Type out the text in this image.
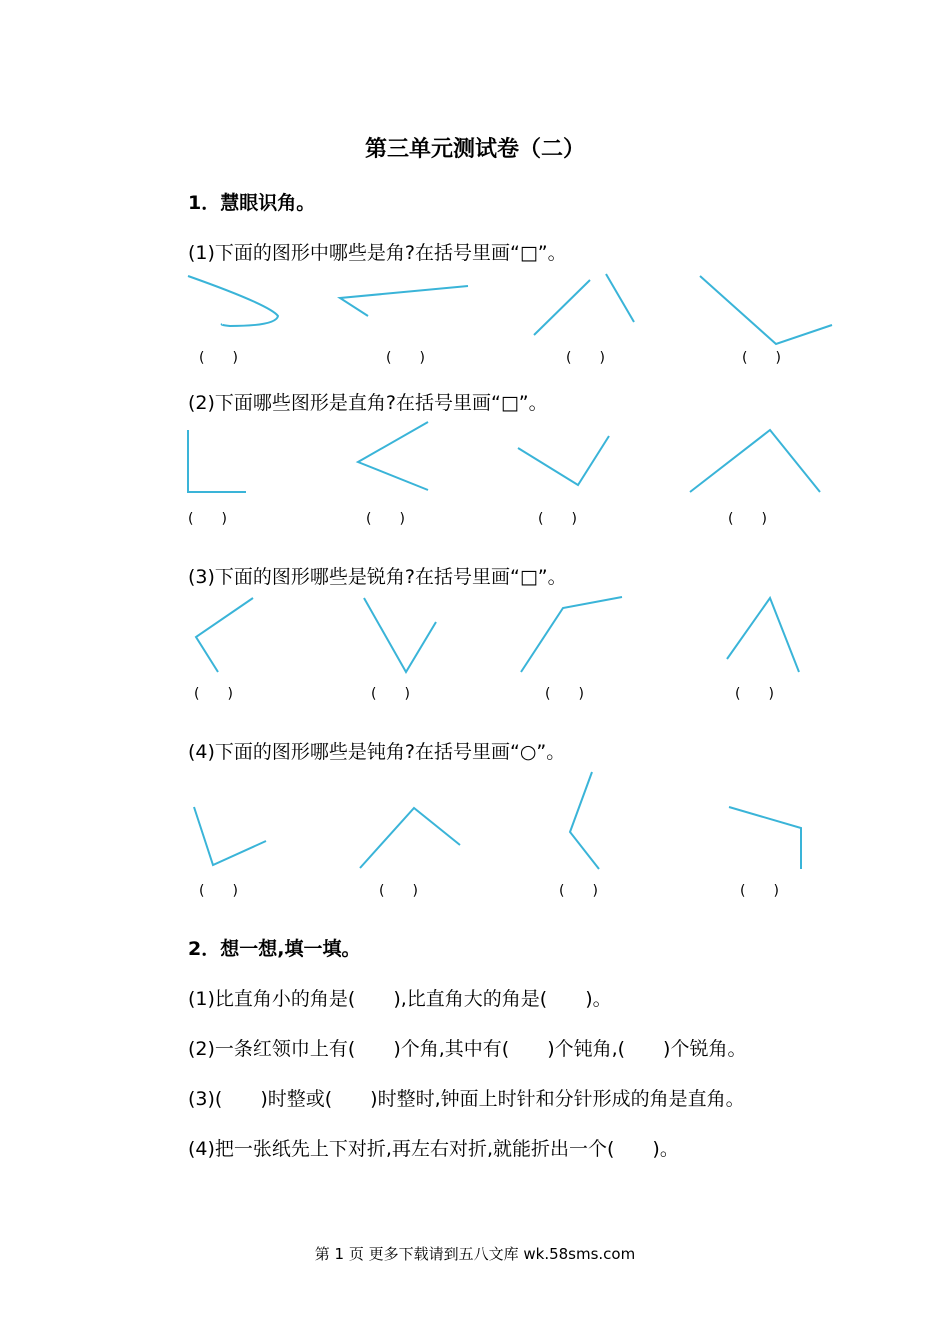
第三单元测试卷（二）
1．慧眼识角。
(1)下面的图形中哪些是角?在括号里画“□”。
(　　)	(　　)	(　　)	(　　)
(2)下面哪些图形是直角?在括号里画“□”。
(　　)	(　　)	(　　)	(　　)
(3)下面的图形哪些是锐角?在括号里画“□”。
(　　)	(　　)	(　　)	(　　)
(4)下面的图形哪些是钝角?在括号里画“○”。
(　　)	(　　)	(　　)	(　　)
2．想一想,填一填。
(1)比直角小的角是(　　),比直角大的角是(　　)。
(2)一条红领巾上有(　　)个角,其中有(　　)个钝角,(　　)个锐角。
(3)(　　)时整或(　　)时整时,钟面上时针和分针形成的角是直角。
(4)把一张纸先上下对折,再左右对折,就能折出一个(　　)。
第 1 页 更多下载请到五八文库 wk.58sms.com
